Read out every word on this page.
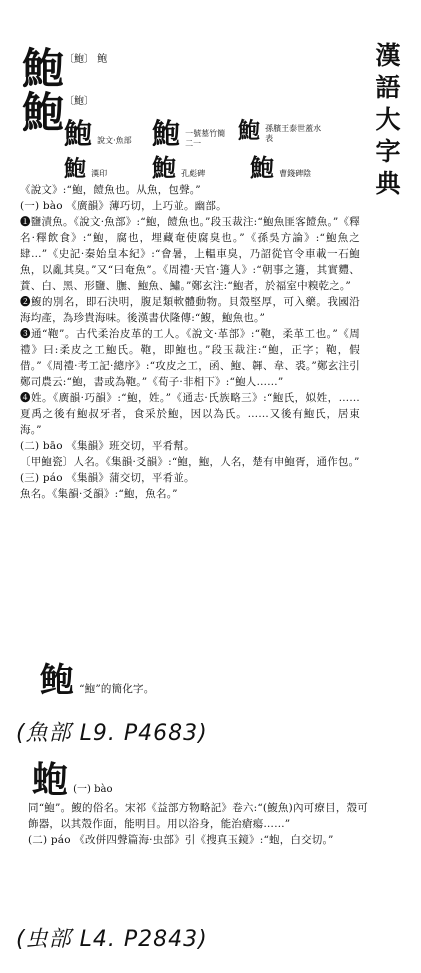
漢
語
大
字
典
鮑 〔鮑〕 鲍
鮑 〔鮑〕
鮑 說文·魚部 鮑 一號墓竹簡二一	鮑 孫臏王泰世蓋水表
鮑 漢印 鮑 孔彪碑 鮑 曹錢碑陰
《說文》:“鮑，饐魚也。从魚，包聲。”
(一) bào 《廣韻》薄巧切，上巧並。幽部。
❶鹽漬魚。《說文·魚部》:“鮑，饐魚也。”段玉裁注:“鮑魚匪客饐魚。”《釋名·釋飲食》:“鮑，腐也，埋藏奄使腐臭也。”《孫吳方論》:“鮑魚之肆...”《史記·秦始皇本紀》:“會暑，上輼車臭，乃詔從官令車載一石鮑魚，以亂其臭。”又“曰奄魚”。《周禮·天官·籩人》:“朝事之籩，其實麷、蕡、白、黑、形鹽、膴、鮑魚、鱐。”鄭玄注:“鮑者，於福室中糗乾之。”
❷鰒的別名，即石決明，腹足類軟體動物。貝殼堅厚，可入藥。我國沿海均產，為珍貴海味。後漢書伏隆傳:“鰒，鮑魚也。”
❸通“鞄”。古代柔治皮革的工人。《說文·革部》:“鞄，柔革工也。”《周禮》曰:柔皮之工鮑氏。鞄，即鮑也。”段玉裁注:“鮑，正字；鞄，假借。”《周禮·考工記·總序》:“攻皮之工，函、鮑、韗、韋、裘。”鄭玄注引鄭司農云:“鮑，書或為鞄。”《荀子·非相下》:“鮑人……”
❹姓。《廣韻·巧韻》:“鮑，姓。”《通志·氏族略三》:“鮑氏，姒姓，……夏禹之後有鮑叔牙者，食采於鮑，因以為氏。……又後有鮑氏，居東海。”
(二) bāo 《集韻》班交切，平肴幫。
〔甲鮑瓷〕人名。《集韻·爻韻》:“鮑，鮑，人名，楚有申鮑胥，通作包。”
(三) páo 《集韻》蒲交切，平肴並。
魚名。《集韻·爻韻》:“鮑，魚名。”
鲍 “鮑”的簡化字。
(魚部 L9. P4683)
蚫 (一) bào
同“鮑”。鰒的俗名。宋祁《益部方物略記》卷六:“(鰒魚)內可療目，殼可飾器，以其殼作面，能明目。用以浴身，能治瘡瘍……”
(二) páo 《改併四聲篇海·虫部》引《搜真玉鏡》:“蚫，白交切。”
(虫部 L4. P2843)
